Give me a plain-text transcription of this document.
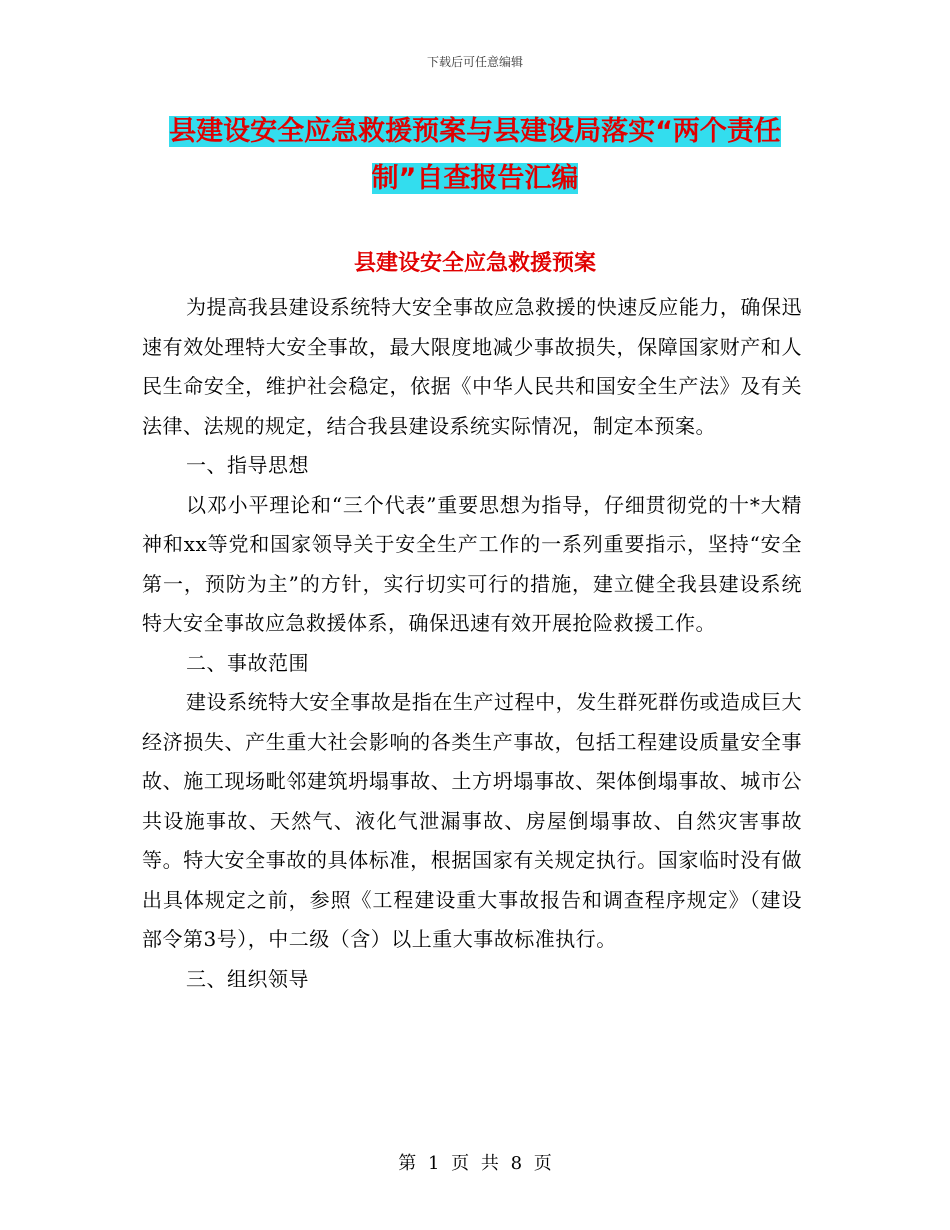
下载后可任意编辑
县建设安全应急救援预案与县建设局落实“两个责任制”自查报告汇编
县建设安全应急救援预案

为提高我县建设系统特大安全事故应急救援的快速反应能力，确保迅速有效处理特大安全事故，最大限度地减少事故损失，保障国家财产和人民生命安全，维护社会稳定，依据《中华人民共和国安全生产法》及有关法律、法规的规定，结合我县建设系统实际情况，制定本预案。

一、指导思想

以邓小平理论和“三个代表”重要思想为指导，仔细贯彻党的十*大精神和xx等党和国家领导关于安全生产工作的一系列重要指示，坚持“安全第一，预防为主”的方针，实行切实可行的措施，建立健全我县建设系统特大安全事故应急救援体系，确保迅速有效开展抢险救援工作。

二、事故范围

建设系统特大安全事故是指在生产过程中，发生群死群伤或造成巨大经济损失、产生重大社会影响的各类生产事故，包括工程建设质量安全事故、施工现场毗邻建筑坍塌事故、土方坍塌事故、架体倒塌事故、城市公共设施事故、天然气、液化气泄漏事故、房屋倒塌事故、自然灾害事故等。特大安全事故的具体标准，根据国家有关规定执行。国家临时没有做出具体规定之前，参照《工程建设重大事故报告和调查程序规定》（建设部令第3号），中二级（含）以上重大事故标准执行。

三、组织领导

第 1 页 共 8 页
